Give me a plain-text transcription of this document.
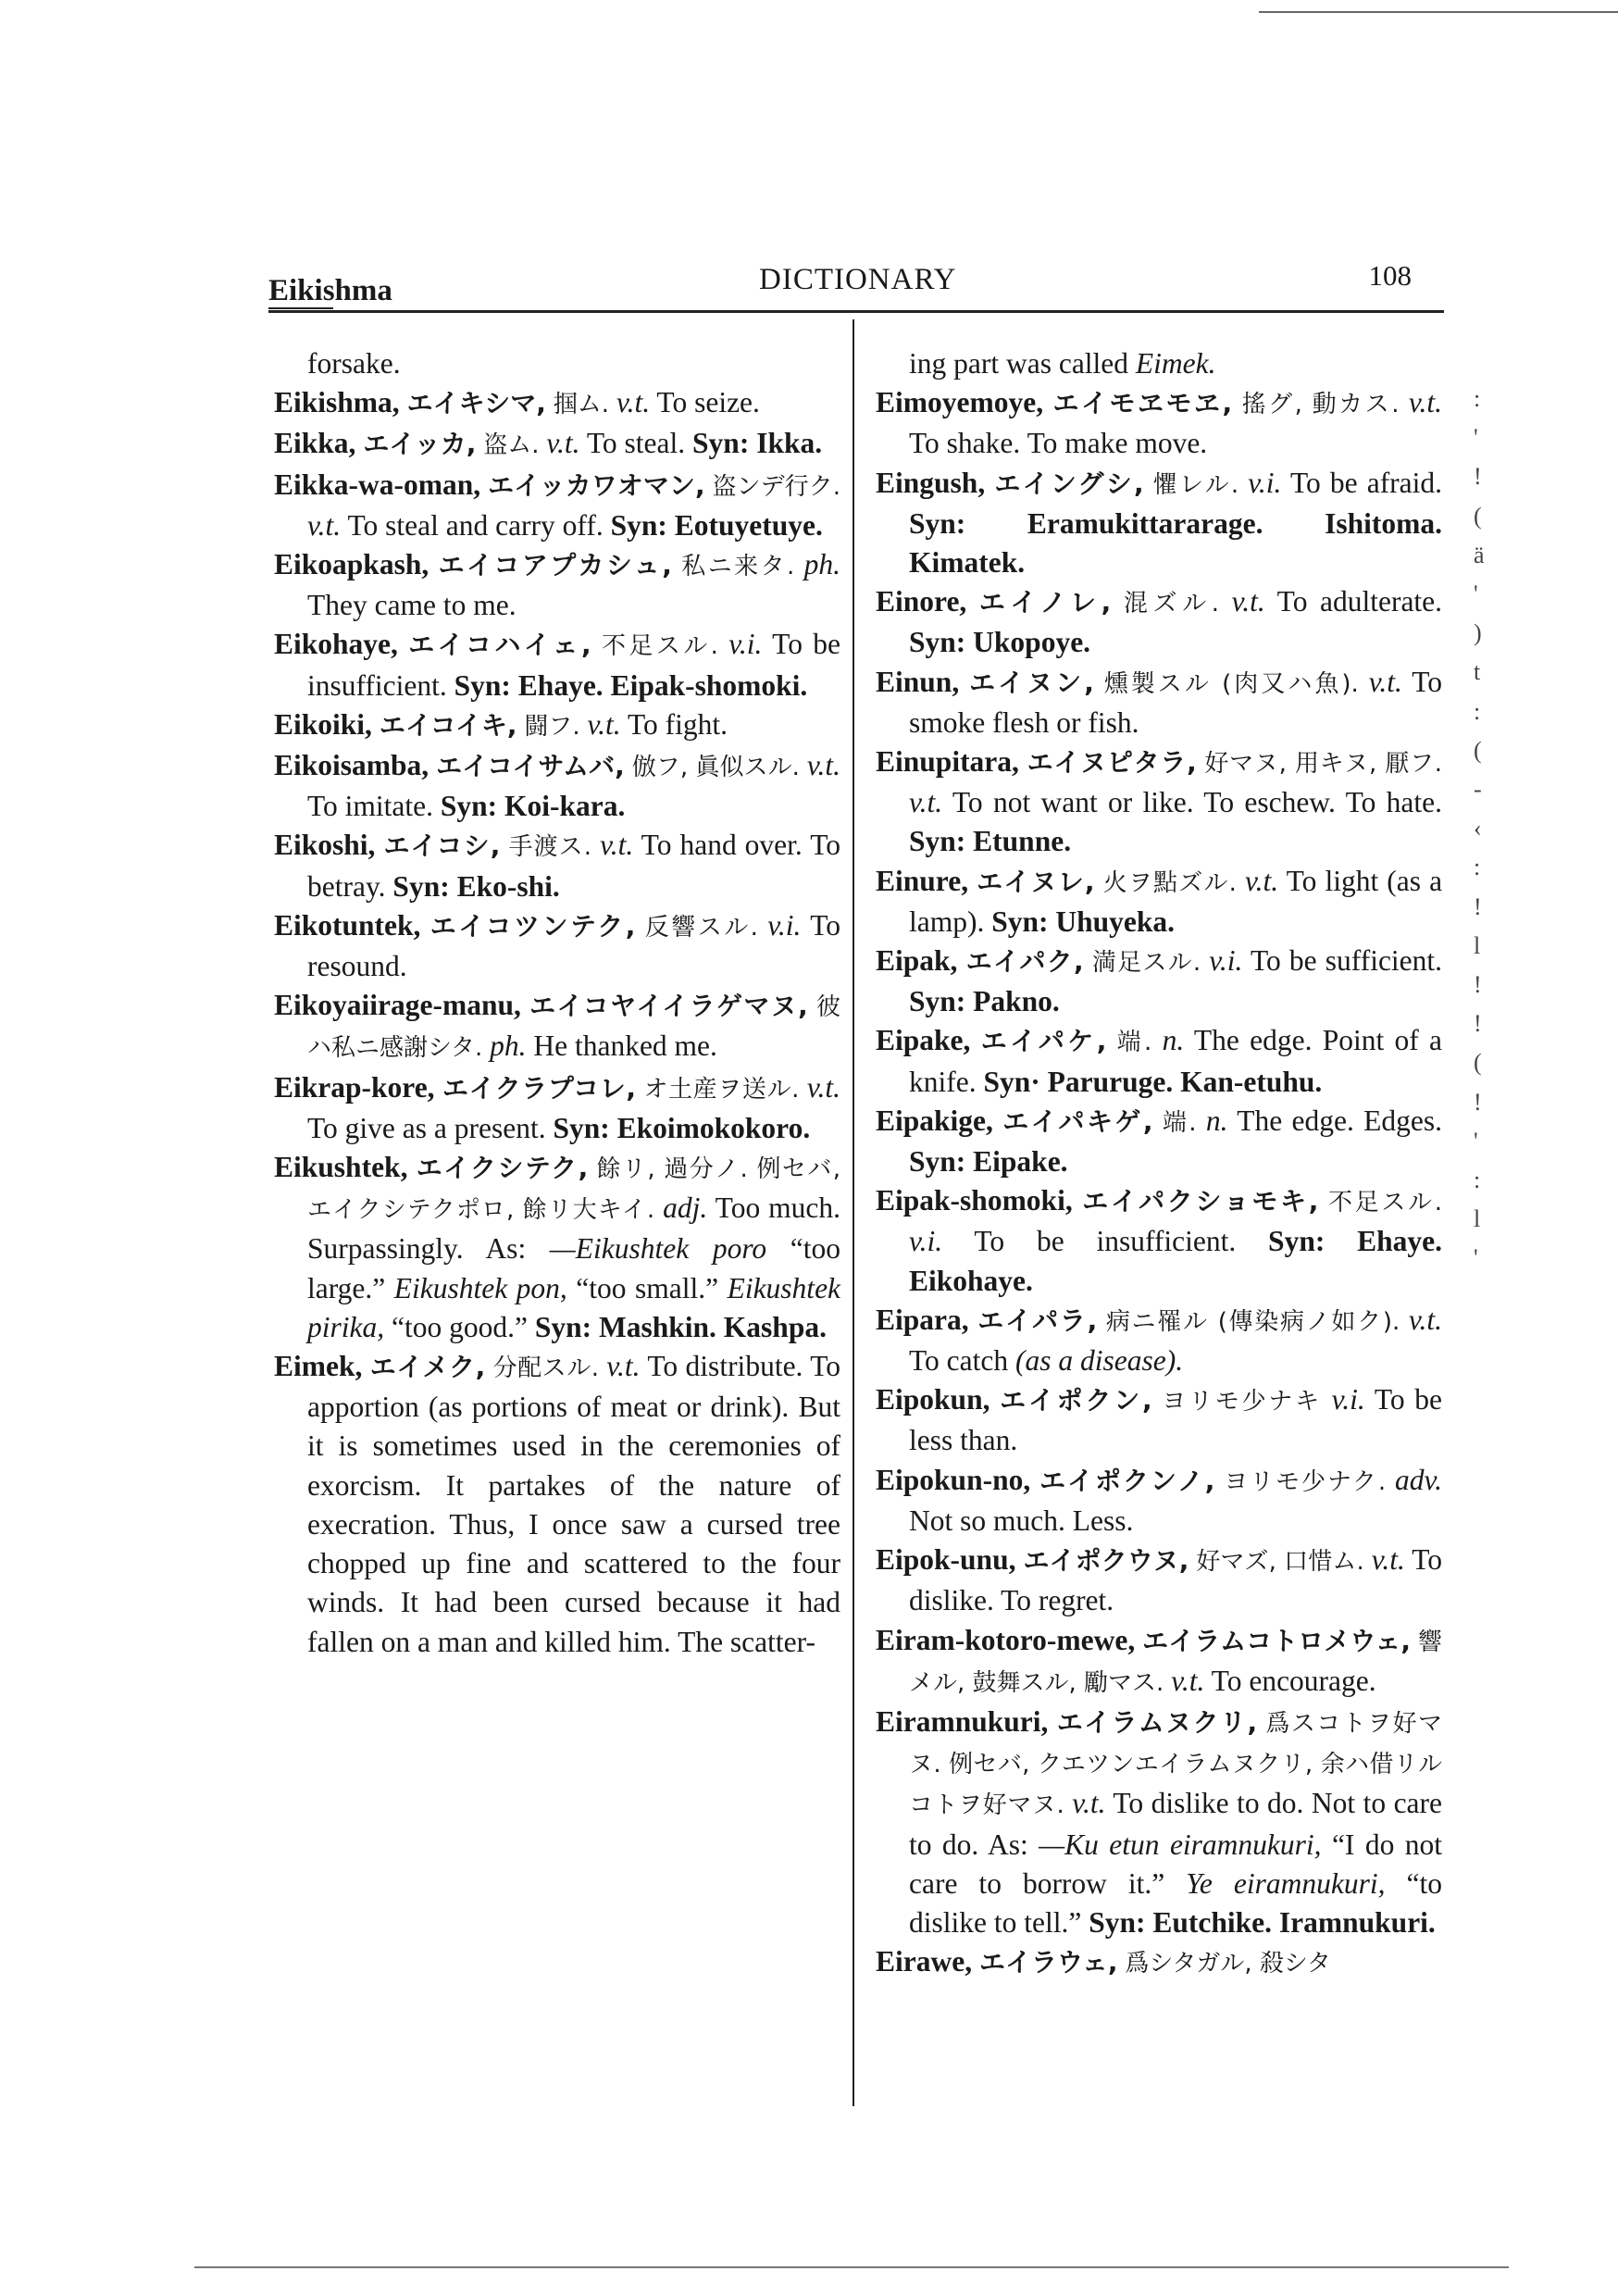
Eikishma	DICTIONARY	108

forsake.

Eikishma, エイキシマ, 掴ム. v.t. To seize.

Eikka, エイッカ, 盗ム. v.t. To steal. Syn: Ikka.

Eikka-wa-oman, エイッカワオマン, 盗ンデ行ク. v.t. To steal and carry off. Syn: Eotuyetuye.

Eikoapkash, エイコアプカシュ, 私ニ来タ. ph. They came to me.

Eikohaye, エイコハイェ, 不足スル. v.i. To be insufficient. Syn: Ehaye. Eipak-shomoki.

Eikoiki, エイコイキ, 闘フ. v.t. To fight.

Eikoisamba, エイコイサムバ, 倣フ, 眞似スル. v.t. To imitate. Syn: Koi-kara.

Eikoshi, エイコシ, 手渡ス. v.t. To hand over. To betray. Syn: Eko-shi.

Eikotuntek, エイコツンテク, 反響スル. v.i. To resound.

Eikoyaiirage-manu, エイコヤイイラゲマヌ, 彼ハ私ニ感謝シタ. ph. He thanked me.

Eikrap-kore, エイクラプコレ, オ土産ヲ送ル. v.t. To give as a present. Syn: Ekoimokokoro.

Eikushtek, エイクシテク, 餘リ, 過分ノ. 例セバ, エイクシテクポロ, 餘リ大キイ. adj. Too much. Surpassingly. As: —Eikushtek poro “too large.” Eikushtek pon, “too small.” Eikushtek pirika, “too good.” Syn: Mashkin. Kashpa.

Eimek, エイメク, 分配スル. v.t. To distribute. To apportion (as portions of meat or drink). But it is sometimes used in the ceremonies of exorcism. It partakes of the nature of execration. Thus, I once saw a cursed tree chopped up fine and scattered to the four winds. It had been cursed because it had fallen on a man and killed him. The scatter-

ing part was called Eimek.

Eimoyemoye, エイモヱモヱ, 搖グ, 動カス. v.t. To shake. To make move.

Eingush, エイングシ, 懼レル. v.i. To be afraid. Syn: Eramukittararage. Ishitoma. Kimatek.

Einore, エイノレ, 混ズル. v.t. To adulterate. Syn: Ukopoye.

Einun, エイヌン, 燻製スル (肉又ハ魚). v.t. To smoke flesh or fish.

Einupitara, エイヌピタラ, 好マヌ, 用キヌ, 厭フ. v.t. To not want or like. To eschew. To hate. Syn: Etunne.

Einure, エイヌレ, 火ヲ點ズル. v.t. To light (as a lamp). Syn: Uhuyeka.

Eipak, エイパク, 満足スル. v.i. To be sufficient. Syn: Pakno.

Eipake, エイパケ, 端. n. The edge. Point of a knife. Syn· Paruruge. Kan-etuhu.

Eipakige, エイパキゲ, 端. n. The edge. Edges. Syn: Eipake.

Eipak-shomoki, エイパクショモキ, 不足スル. v.i. To be insufficient. Syn: Ehaye. Eikohaye.

Eipara, エイパラ, 病ニ罹ル (傳染病ノ如ク). v.t. To catch (as a disease).

Eipokun, エイポクン, ヨリモ少ナキ v.i. To be less than.

Eipokun-no, エイポクンノ, ヨリモ少ナク. adv. Not so much. Less.

Eipok-unu, エイポクウヌ, 好マズ, 口惜ム. v.t. To dislike. To regret.

Eiram-kotoro-mewe, エイラムコトロメウェ, 響メル, 鼓舞スル, 勵マス. v.t. To encourage.

Eiramnukuri, エイラムヌクリ, 爲スコトヲ好マヌ. 例セバ, クエツンエイラムヌクリ, 余ハ借リルコトヲ好マヌ. v.t. To dislike to do. Not to care to do. As: —Ku etun eiramnukuri, “I do not care to borrow it.” Ye eiramnukuri, “to dislike to tell.” Syn: Eutchike. Iramnukuri.

Eirawe, エイラウェ, 爲シタガル, 殺シタ

:
'
!
(
ä
'
)
t
:
(
-
‹
:
!
l
!
!
(
!
'
:
l
'
